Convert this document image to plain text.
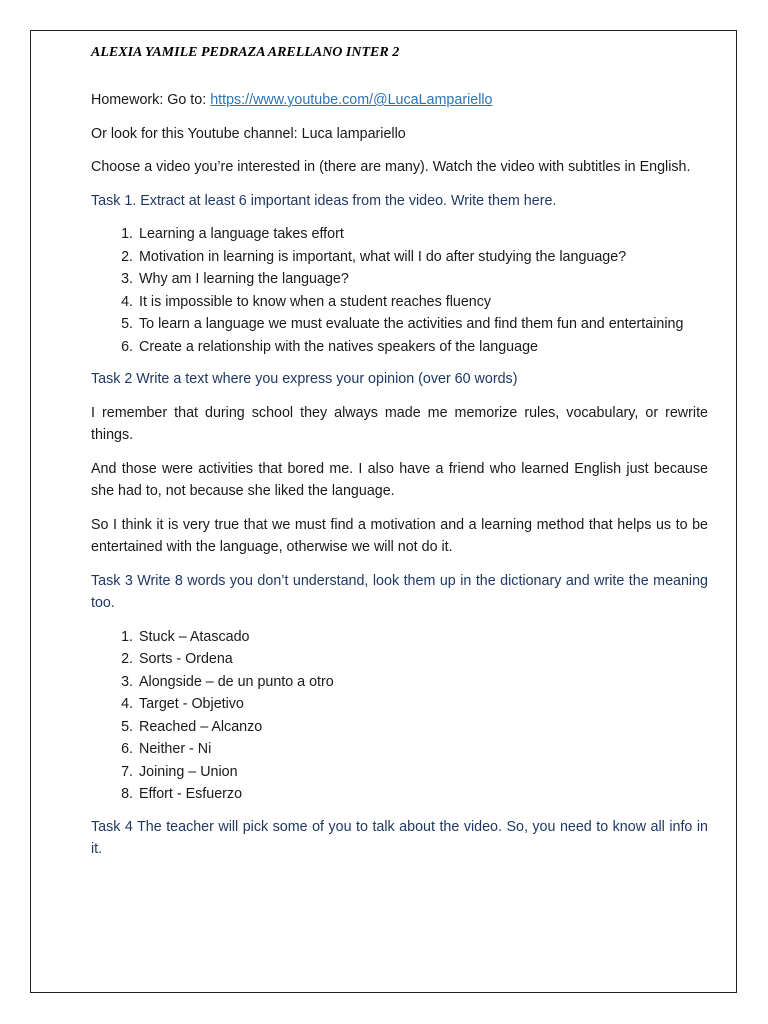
ALEXIA YAMILE PEDRAZA ARELLANO INTER 2

Homework: Go to: https://www.youtube.com/@LucaLampariello

Or look for this Youtube channel: Luca lampariello

Choose a video you’re interested in (there are many). Watch the video with subtitles in English.

Task 1. Extract at least 6 important ideas from the video. Write them here.

1. Learning a language takes effort
2. Motivation in learning is important, what will I do after studying the language?
3. Why am I learning the language?
4. It is impossible to know when a student reaches fluency
5. To learn a language we must evaluate the activities and find them fun and entertaining
6. Create a relationship with the natives speakers of the language

Task 2 Write a text where you express your opinion (over 60 words)

I remember that during school they always made me memorize rules, vocabulary, or rewrite things.

And those were activities that bored me. I also have a friend who learned English just because she had to, not because she liked the language.

So I think it is very true that we must find a motivation and a learning method that helps us to be entertained with the language, otherwise we will not do it.

Task 3 Write 8 words you don’t understand, look them up in the dictionary and write the meaning too.

1. Stuck – Atascado
2. Sorts - Ordena
3. Alongside – de un punto a otro
4. Target - Objetivo
5. Reached – Alcanzo
6. Neither - Ni
7. Joining – Union
8. Effort - Esfuerzo

Task 4 The teacher will pick some of you to talk about the video. So, you need to know all info in it.
